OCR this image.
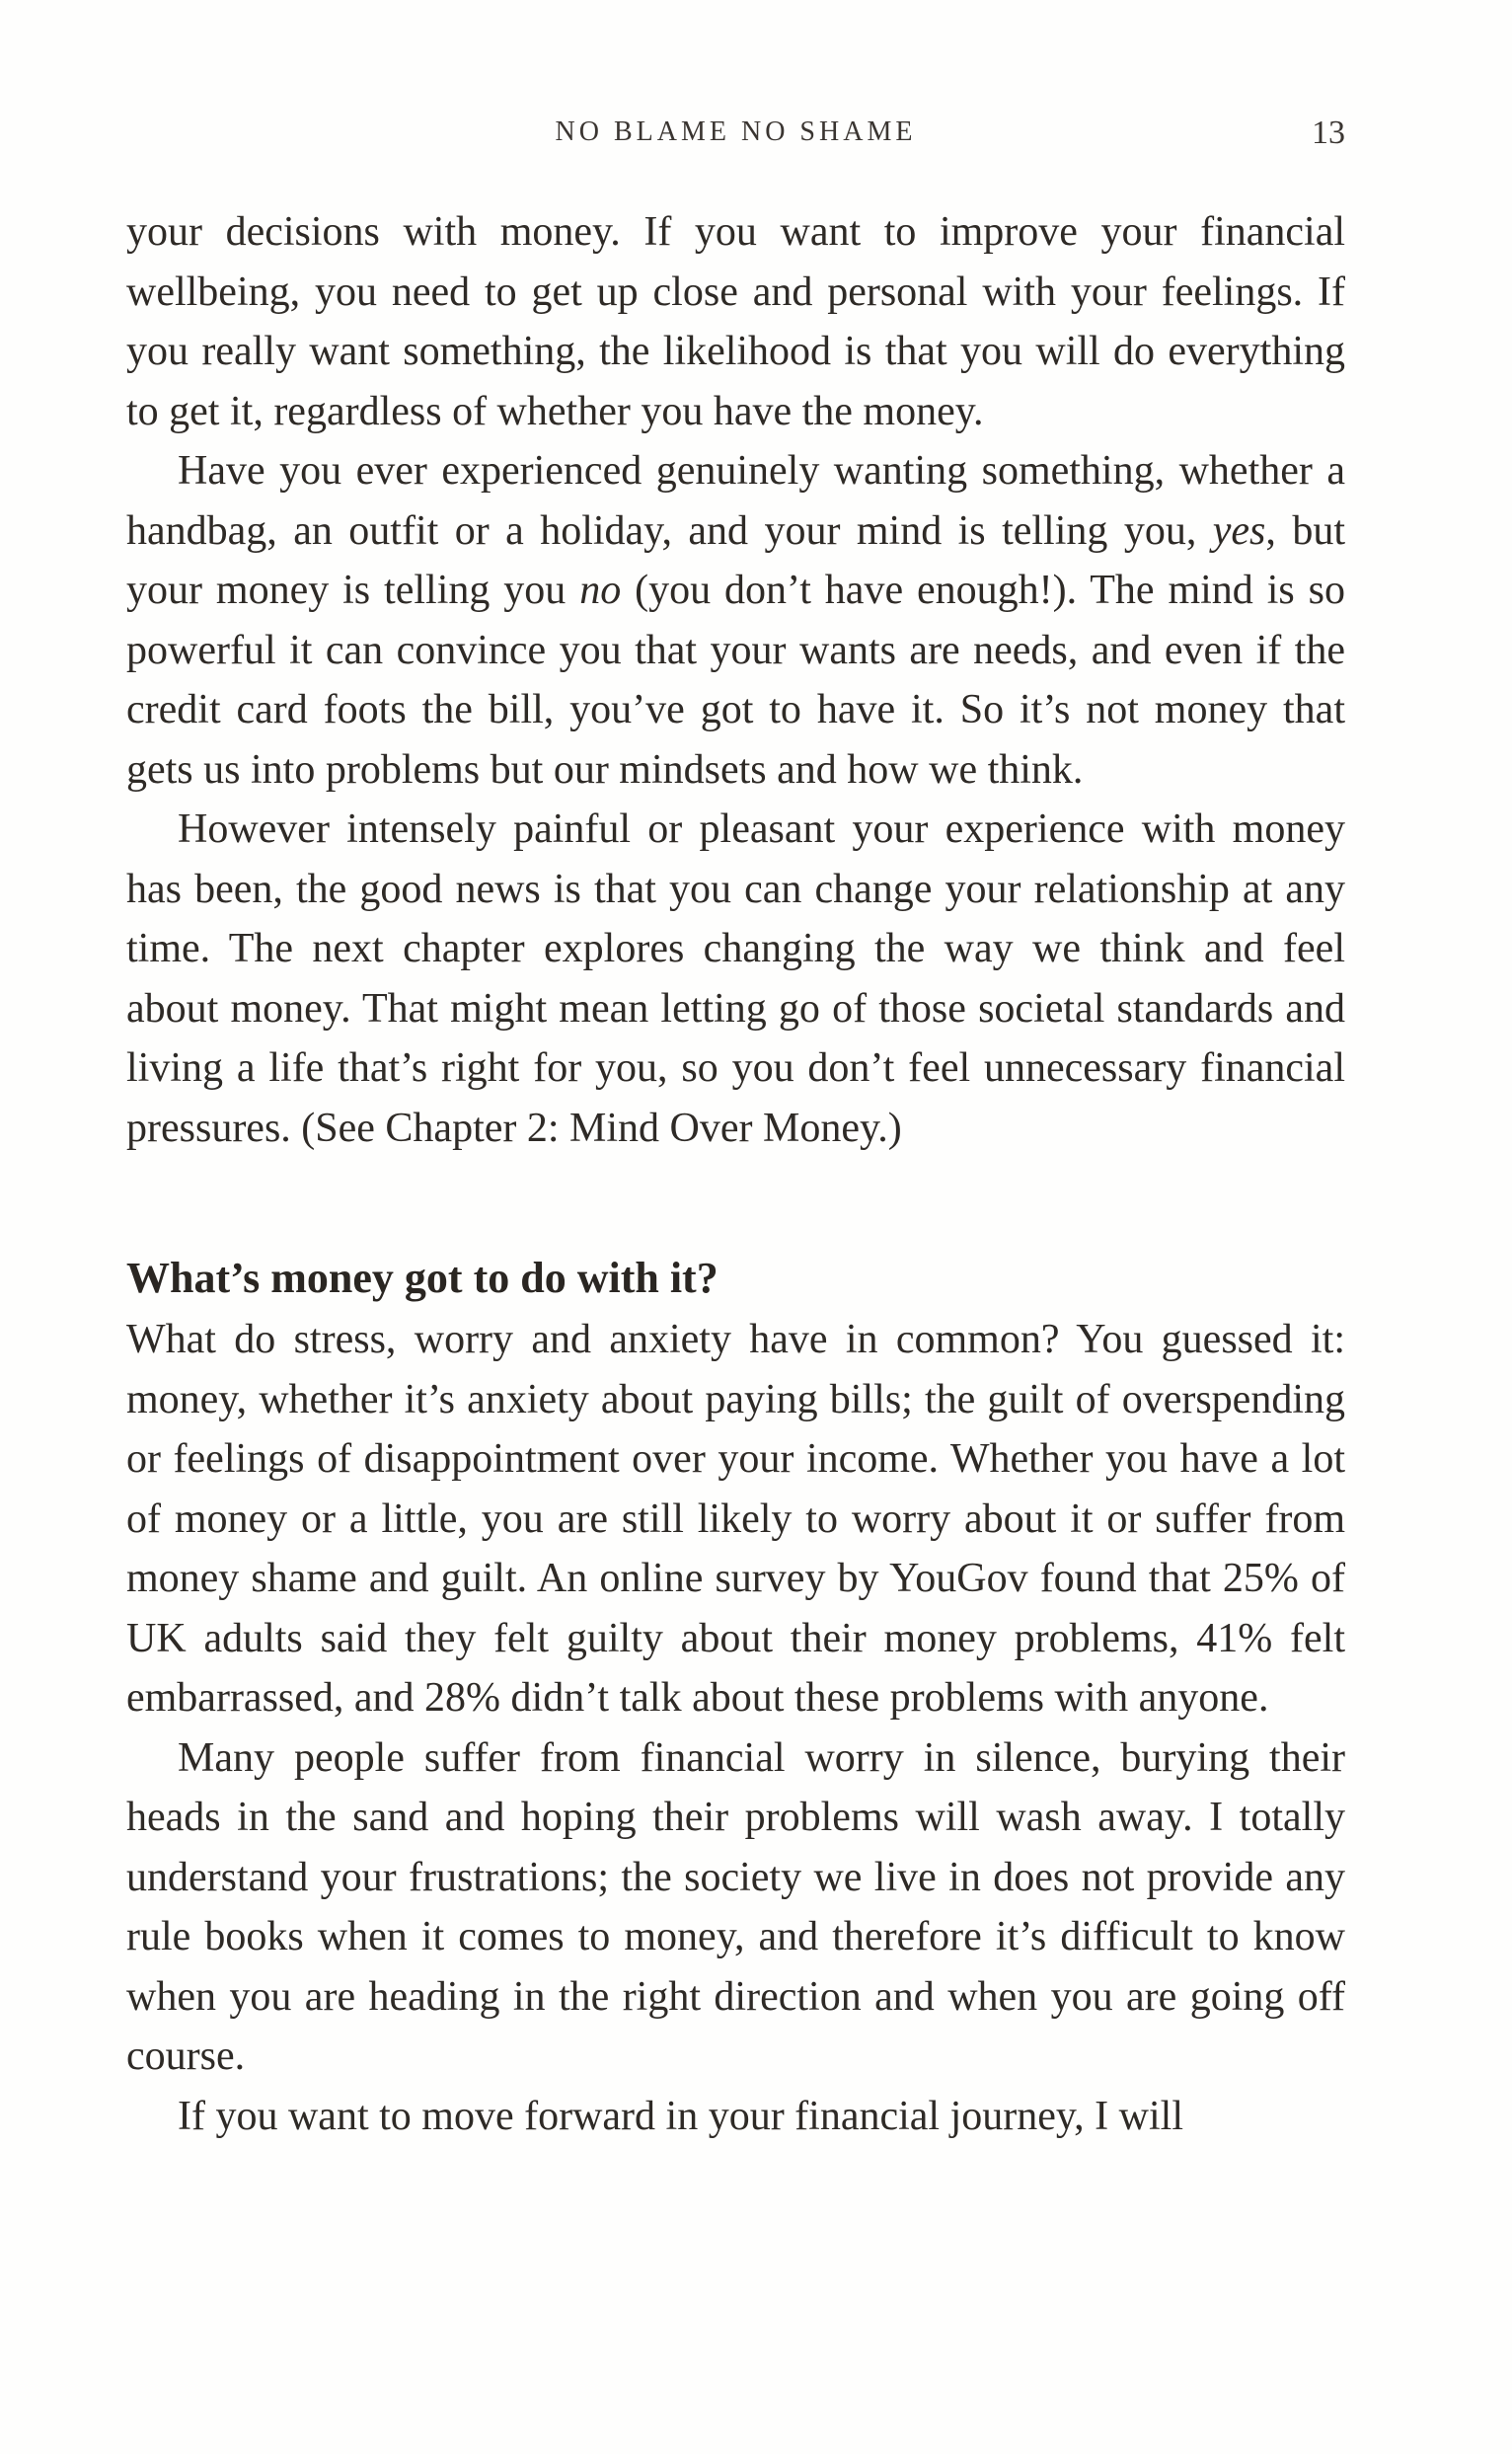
NO BLAME NO SHAME	13

your decisions with money. If you want to improve your financial wellbeing, you need to get up close and personal with your feelings. If you really want something, the likelihood is that you will do everything to get it, regardless of whether you have the money.

Have you ever experienced genuinely wanting something, whether a handbag, an outfit or a holiday, and your mind is telling you, yes, but your money is telling you no (you don’t have enough!). The mind is so powerful it can convince you that your wants are needs, and even if the credit card foots the bill, you’ve got to have it. So it’s not money that gets us into problems but our mindsets and how we think.

However intensely painful or pleasant your experience with money has been, the good news is that you can change your relationship at any time. The next chapter explores changing the way we think and feel about money. That might mean letting go of those societal standards and living a life that’s right for you, so you don’t feel unnecessary financial pressures. (See Chapter 2: Mind Over Money.)

What’s money got to do with it?

What do stress, worry and anxiety have in common? You guessed it: money, whether it’s anxiety about paying bills; the guilt of overspending or feelings of disappointment over your income. Whether you have a lot of money or a little, you are still likely to worry about it or suffer from money shame and guilt. An online survey by YouGov found that 25% of UK adults said they felt guilty about their money problems, 41% felt embarrassed, and 28% didn’t talk about these problems with anyone.

Many people suffer from financial worry in silence, burying their heads in the sand and hoping their problems will wash away. I totally understand your frustrations; the society we live in does not provide any rule books when it comes to money, and therefore it’s difficult to know when you are heading in the right direction and when you are going off course.

If you want to move forward in your financial journey, I will
